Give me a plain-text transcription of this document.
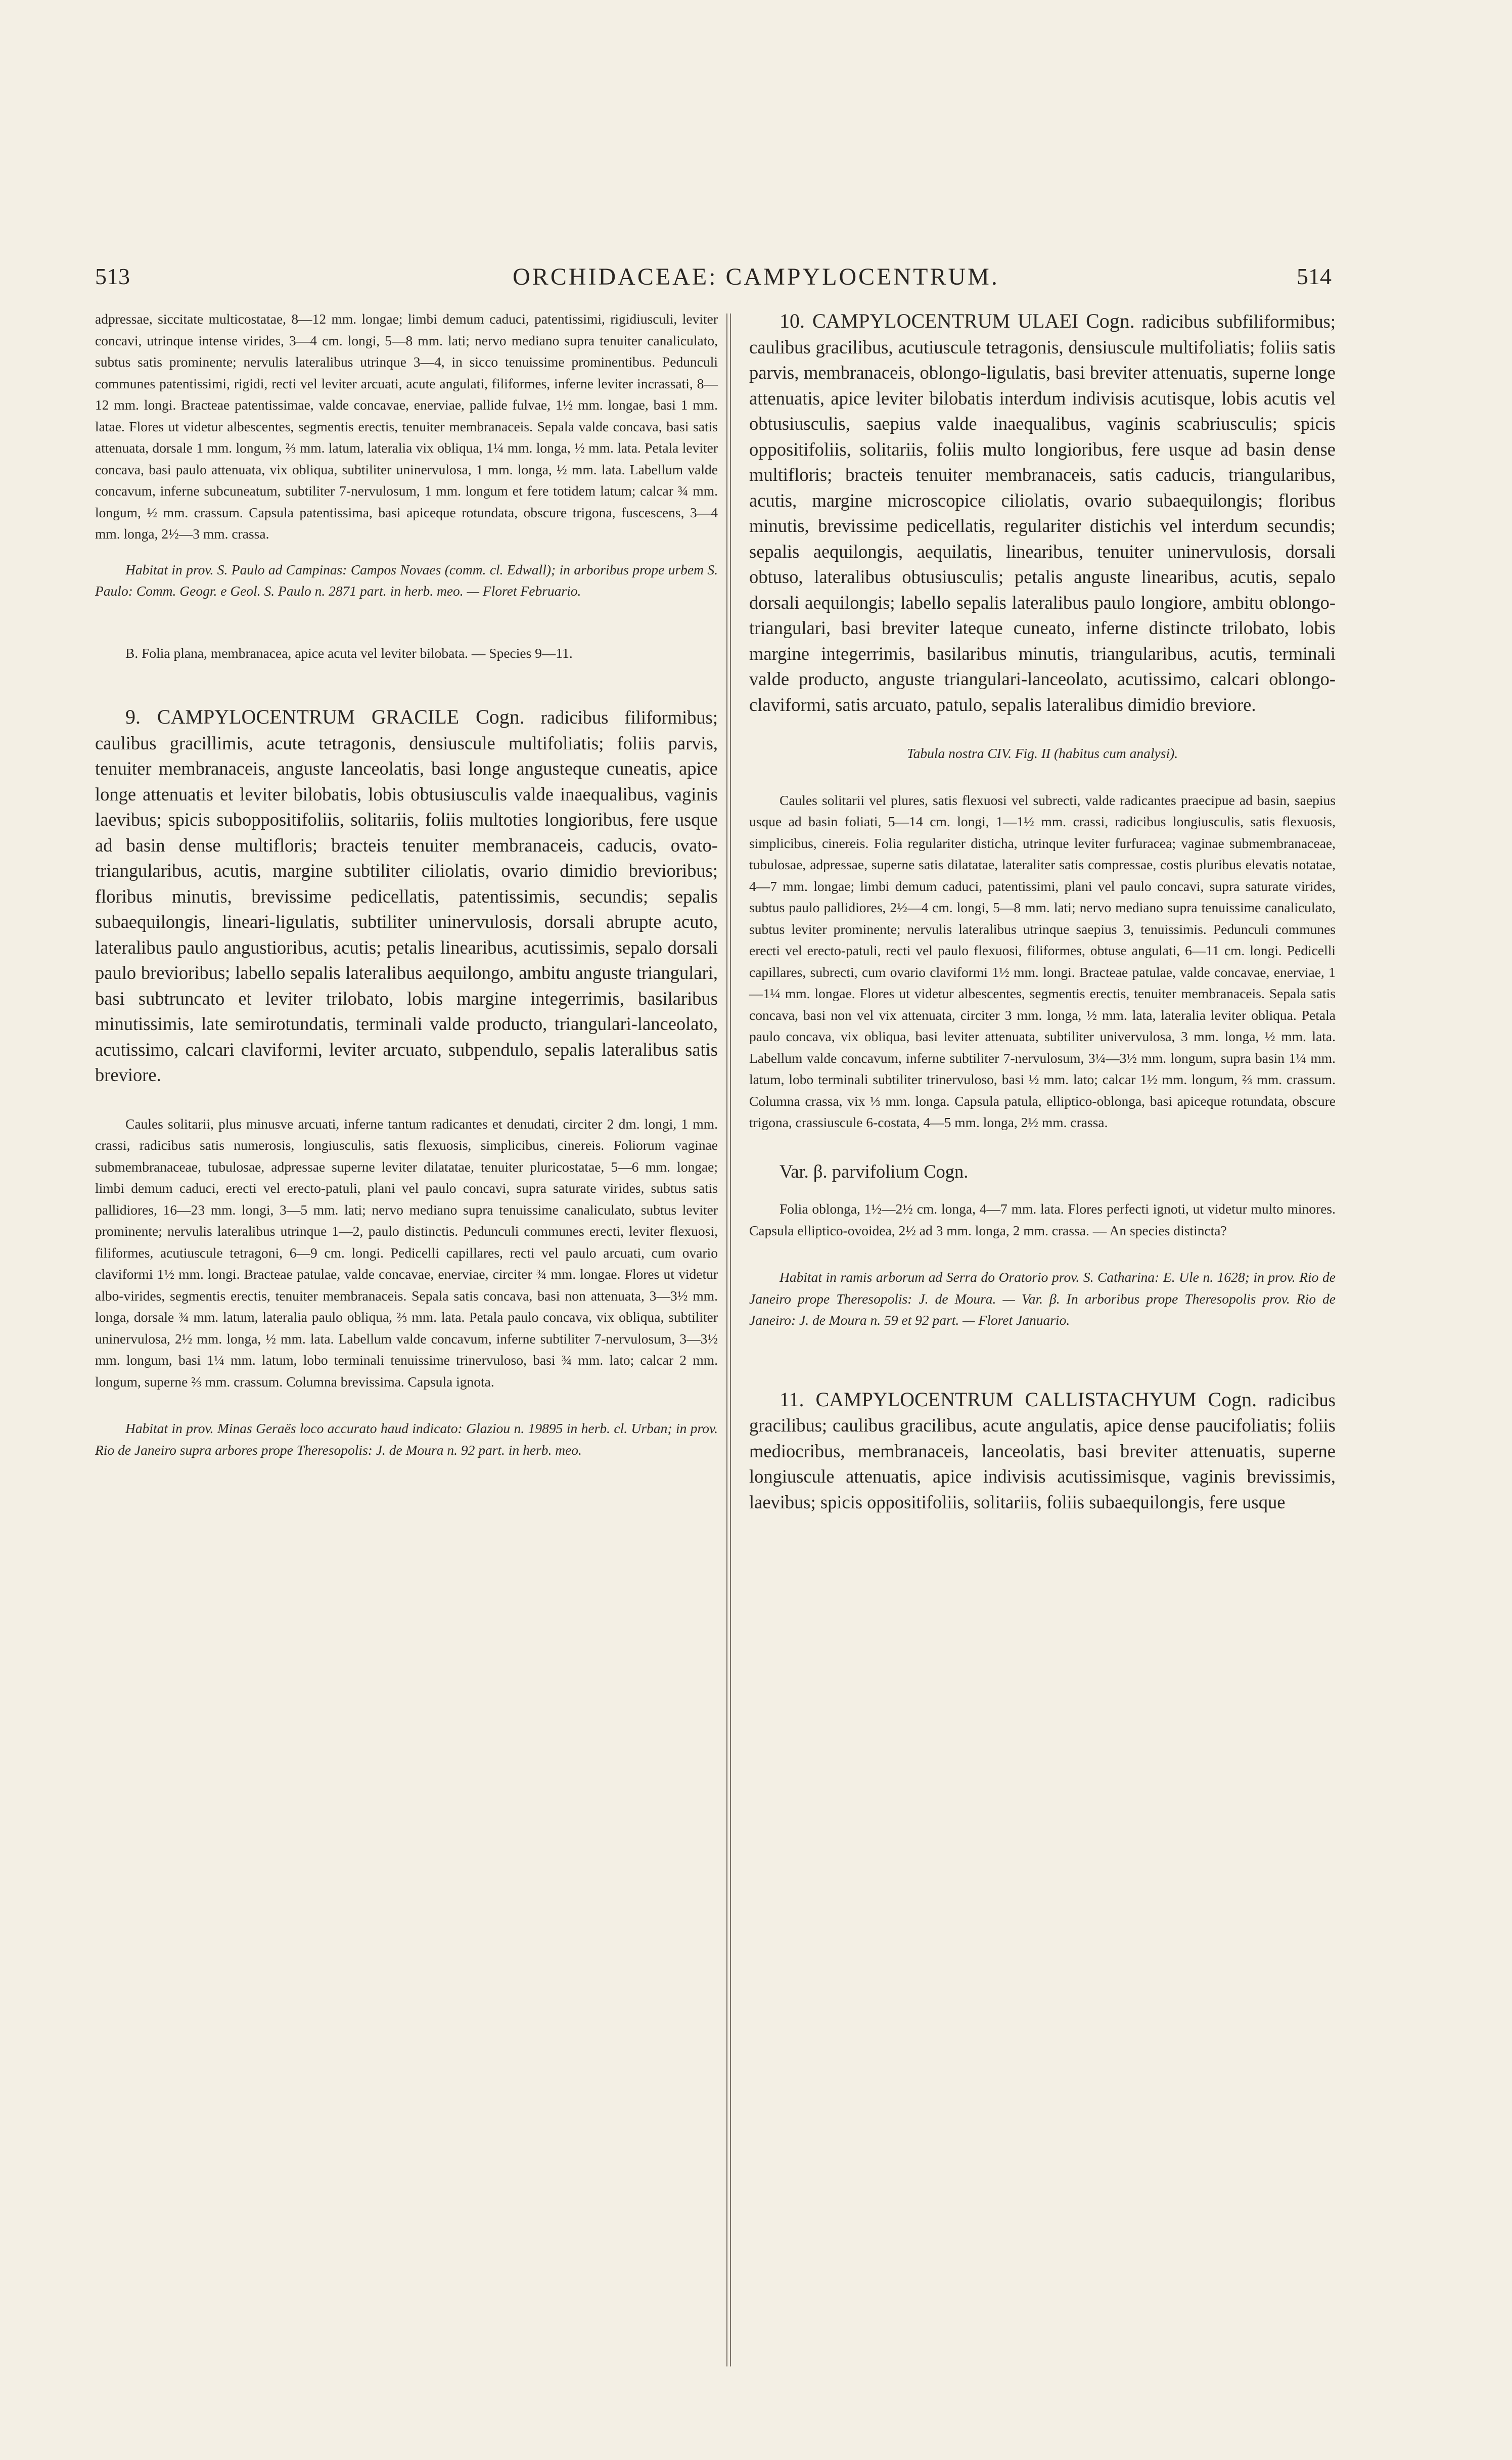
513	ORCHIDACEAE: CAMPYLOCENTRUM.	514

adpressae, siccitate multicostatae, 8—12 mm. longae; limbi demum caduci, patentissimi, rigidiusculi, leviter concavi, utrinque intense virides, 3—4 cm. longi, 5—8 mm. lati; nervo mediano supra tenuiter canaliculato, subtus satis prominente; nervulis lateralibus utrinque 3—4, in sicco tenuissime prominentibus. Pedunculi communes patentissimi, rigidi, recti vel leviter arcuati, acute angulati, filiformes, inferne leviter incrassati, 8—12 mm. longi. Bracteae patentissimae, valde concavae, enerviae, pallide fulvae, 1½ mm. longae, basi 1 mm. latae. Flores ut videtur albescentes, segmentis erectis, tenuiter membranaceis. Sepala valde concava, basi satis attenuata, dorsale 1 mm. longum, ⅔ mm. latum, lateralia vix obliqua, 1¼ mm. longa, ½ mm. lata. Petala leviter concava, basi paulo attenuata, vix obliqua, subtiliter uninervulosa, 1 mm. longa, ½ mm. lata. Labellum valde concavum, inferne subcuneatum, subtiliter 7-nervulosum, 1 mm. longum et fere totidem latum; calcar ¾ mm. longum, ½ mm. crassum. Capsula patentissima, basi apiceque rotundata, obscure trigona, fuscescens, 3—4 mm. longa, 2½—3 mm. crassa.

Habitat in prov. S. Paulo ad Campinas: Campos Novaes (comm. cl. Edwall); in arboribus prope urbem S. Paulo: Comm. Geogr. e Geol. S. Paulo n. 2871 part. in herb. meo. — Floret Februario.

B. Folia plana, membranacea, apice acuta vel leviter bilobata. — Species 9—11.

9. CAMPYLOCENTRUM GRACILE Cogn. radicibus filiformibus; caulibus gracillimis, acute tetragonis, densiuscule multifoliatis; foliis parvis, tenuiter membranaceis, anguste lanceolatis, basi longe angusteque cuneatis, apice longe attenuatis et leviter bilobatis, lobis obtusiusculis valde inaequalibus, vaginis laevibus; spicis suboppositifoliis, solitariis, foliis multoties longioribus, fere usque ad basin dense multifloris; bracteis tenuiter membranaceis, caducis, ovato-triangularibus, acutis, margine subtiliter ciliolatis, ovario dimidio brevioribus; floribus minutis, brevissime pedicellatis, patentissimis, secundis; sepalis subaequilongis, lineari-ligulatis, subtiliter uninervulosis, dorsali abrupte acuto, lateralibus paulo angustioribus, acutis; petalis linearibus, acutissimis, sepalo dorsali paulo brevioribus; labello sepalis lateralibus aequilongo, ambitu anguste triangulari, basi subtruncato et leviter trilobato, lobis margine integerrimis, basilaribus minutissimis, late semirotundatis, terminali valde producto, triangulari-lanceolato, acutissimo, calcari claviformi, leviter arcuato, subpendulo, sepalis lateralibus satis breviore.

Caules solitarii, plus minusve arcuati, inferne tantum radicantes et denudati, circiter 2 dm. longi, 1 mm. crassi, radicibus satis numerosis, longiusculis, satis flexuosis, simplicibus, cinereis. Foliorum vaginae submembranaceae, tubulosae, adpressae superne leviter dilatatae, tenuiter pluricostatae, 5—6 mm. longae; limbi demum caduci, erecti vel erecto-patuli, plani vel paulo concavi, supra saturate virides, subtus satis pallidiores, 16—23 mm. longi, 3—5 mm. lati; nervo mediano supra tenuissime canaliculato, subtus leviter prominente; nervulis lateralibus utrinque 1—2, paulo distinctis. Pedunculi communes erecti, leviter flexuosi, filiformes, acutiuscule tetragoni, 6—9 cm. longi. Pedicelli capillares, recti vel paulo arcuati, cum ovario claviformi 1½ mm. longi. Bracteae patulae, valde concavae, enerviae, circiter ¾ mm. longae. Flores ut videtur albo-virides, segmentis erectis, tenuiter membranaceis. Sepala satis concava, basi non attenuata, 3—3½ mm. longa, dorsale ¾ mm. latum, lateralia paulo obliqua, ⅔ mm. lata. Petala paulo concava, vix obliqua, subtiliter uninervulosa, 2½ mm. longa, ½ mm. lata. Labellum valde concavum, inferne subtiliter 7-nervulosum, 3—3½ mm. longum, basi 1¼ mm. latum, lobo terminali tenuissime trinervuloso, basi ¾ mm. lato; calcar 2 mm. longum, superne ⅔ mm. crassum. Columna brevissima. Capsula ignota.

Habitat in prov. Minas Geraës loco accurato haud indicato: Glaziou n. 19895 in herb. cl. Urban; in prov. Rio de Janeiro supra arbores prope Theresopolis: J. de Moura n. 92 part. in herb. meo.

10. CAMPYLOCENTRUM ULAEI Cogn. radicibus subfiliformibus; caulibus gracilibus, acutiuscule tetragonis, densiuscule multifoliatis; foliis satis parvis, membranaceis, oblongo-ligulatis, basi breviter attenuatis, superne longe attenuatis, apice leviter bilobatis interdum indivisis acutisque, lobis acutis vel obtusiusculis, saepius valde inaequalibus, vaginis scabriusculis; spicis oppositifoliis, solitariis, foliis multo longioribus, fere usque ad basin dense multifloris; bracteis tenuiter membranaceis, satis caducis, triangularibus, acutis, margine microscopice ciliolatis, ovario subaequilongis; floribus minutis, brevissime pedicellatis, regulariter distichis vel interdum secundis; sepalis aequilongis, aequilatis, linearibus, tenuiter uninervulosis, dorsali obtuso, lateralibus obtusiusculis; petalis anguste linearibus, acutis, sepalo dorsali aequilongis; labello sepalis lateralibus paulo longiore, ambitu oblongo-triangulari, basi breviter lateque cuneato, inferne distincte trilobato, lobis margine integerrimis, basilaribus minutis, triangularibus, acutis, terminali valde producto, anguste triangulari-lanceolato, acutissimo, calcari oblongo-claviformi, satis arcuato, patulo, sepalis lateralibus dimidio breviore.

Tabula nostra CIV. Fig. II (habitus cum analysi).

Caules solitarii vel plures, satis flexuosi vel subrecti, valde radicantes praecipue ad basin, saepius usque ad basin foliati, 5—14 cm. longi, 1—1½ mm. crassi, radicibus longiusculis, satis flexuosis, simplicibus, cinereis. Folia regulariter disticha, utrinque leviter furfuracea; vaginae submembranaceae, tubulosae, adpressae, superne satis dilatatae, lateraliter satis compressae, costis pluribus elevatis notatae, 4—7 mm. longae; limbi demum caduci, patentissimi, plani vel paulo concavi, supra saturate virides, subtus paulo pallidiores, 2½—4 cm. longi, 5—8 mm. lati; nervo mediano supra tenuissime canaliculato, subtus leviter prominente; nervulis lateralibus utrinque saepius 3, tenuissimis. Pedunculi communes erecti vel erecto-patuli, recti vel paulo flexuosi, filiformes, obtuse angulati, 6—11 cm. longi. Pedicelli capillares, subrecti, cum ovario claviformi 1½ mm. longi. Bracteae patulae, valde concavae, enerviae, 1—1¼ mm. longae. Flores ut videtur albescentes, segmentis erectis, tenuiter membranaceis. Sepala satis concava, basi non vel vix attenuata, circiter 3 mm. longa, ½ mm. lata, lateralia leviter obliqua. Petala paulo concava, vix obliqua, basi leviter attenuata, subtiliter univervulosa, 3 mm. longa, ½ mm. lata. Labellum valde concavum, inferne subtiliter 7-nervulosum, 3¼—3½ mm. longum, supra basin 1¼ mm. latum, lobo terminali subtiliter trinervuloso, basi ½ mm. lato; calcar 1½ mm. longum, ⅔ mm. crassum. Columna crassa, vix ⅓ mm. longa. Capsula patula, elliptico-oblonga, basi apiceque rotundata, obscure trigona, crassiuscule 6-costata, 4—5 mm. longa, 2½ mm. crassa.

Var. β. parvifolium Cogn.

Folia oblonga, 1½—2½ cm. longa, 4—7 mm. lata. Flores perfecti ignoti, ut videtur multo minores. Capsula elliptico-ovoidea, 2½ ad 3 mm. longa, 2 mm. crassa. — An species distincta?

Habitat in ramis arborum ad Serra do Oratorio prov. S. Catharina: E. Ule n. 1628; in prov. Rio de Janeiro prope Theresopolis: J. de Moura. — Var. β. In arboribus prope Theresopolis prov. Rio de Janeiro: J. de Moura n. 59 et 92 part. — Floret Januario.

11. CAMPYLOCENTRUM CALLISTACHYUM Cogn. radicibus gracilibus; caulibus gracilibus, acute angulatis, apice dense paucifoliatis; foliis mediocribus, membranaceis, lanceolatis, basi breviter attenuatis, superne longiuscule attenuatis, apice indivisis acutissimisque, vaginis brevissimis, laevibus; spicis oppositifoliis, solitariis, foliis subaequilongis, fere usque
